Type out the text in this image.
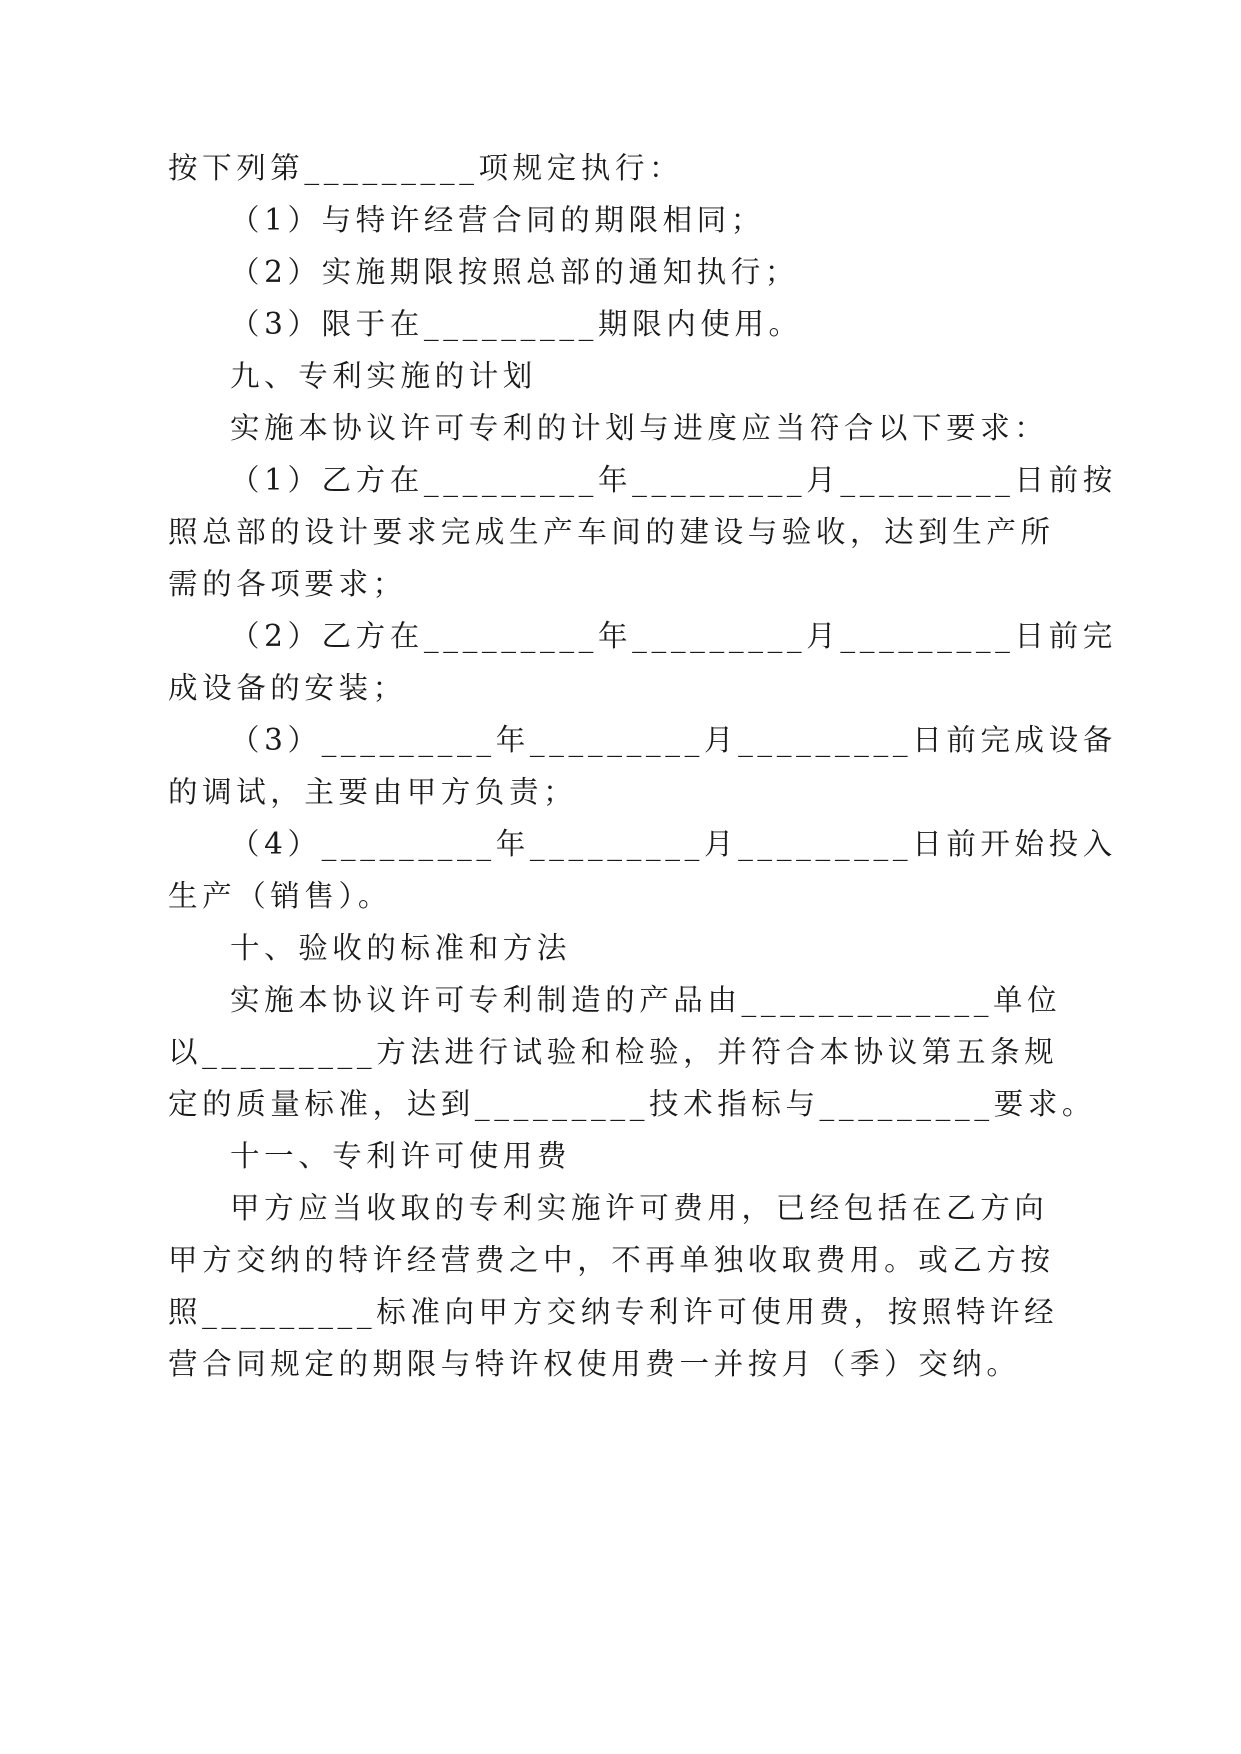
按下列第_________项规定执行：
（1）与特许经营合同的期限相同；
（2）实施期限按照总部的通知执行；
（3）限于在_________期限内使用。
九、专利实施的计划
实施本协议许可专利的计划与进度应当符合以下要求：
（1）乙方在_________年_________月_________日前按
照总部的设计要求完成生产车间的建设与验收，达到生产所
需的各项要求；
（2）乙方在_________年_________月_________日前完
成设备的安装；
（3）_________年_________月_________日前完成设备
的调试，主要由甲方负责；
（4）_________年_________月_________日前开始投入
生产（销售）。
十、验收的标准和方法
实施本协议许可专利制造的产品由_____________单位
以_________方法进行试验和检验，并符合本协议第五条规
定的质量标准，达到_________技术指标与_________要求。
十一、专利许可使用费
甲方应当收取的专利实施许可费用，已经包括在乙方向
甲方交纳的特许经营费之中，不再单独收取费用。或乙方按
照_________标准向甲方交纳专利许可使用费，按照特许经
营合同规定的期限与特许权使用费一并按月（季）交纳。
